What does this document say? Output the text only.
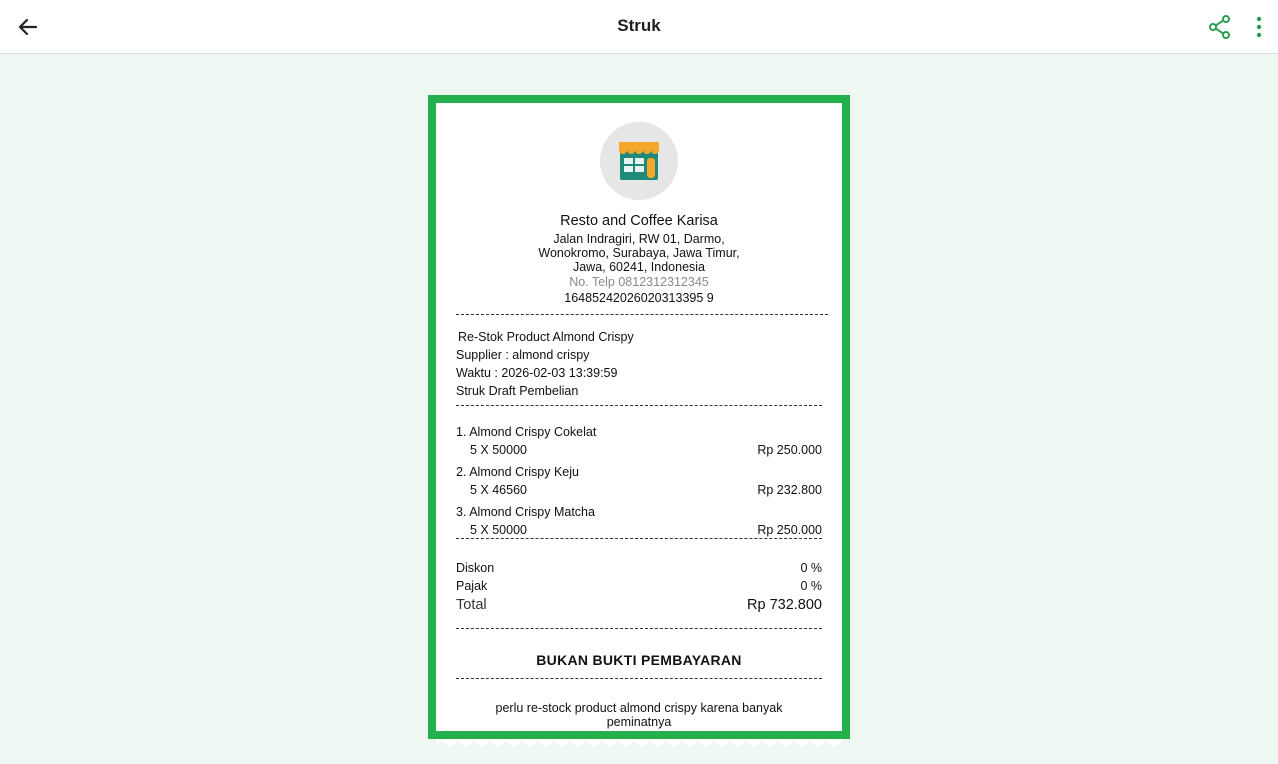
Struk
Resto and Coffee Karisa
Jalan Indragiri, RW 01, Darmo,
Wonokromo, Surabaya, Jawa Timur,
Jawa, 60241, Indonesia
No. Telp 0812312312345
16485242026020313395 9
Re-Stok Product Almond Crispy
Supplier : almond crispy
Waktu : 2026-02-03 13:39:59
Struk Draft Pembelian
1. Almond Crispy Cokelat
5 X 50000	Rp 250.000
2. Almond Crispy Keju
5 X 46560	Rp 232.800
3. Almond Crispy Matcha
5 X 50000	Rp 250.000
Diskon	0 %
Pajak	0 %
Total	Rp 732.800
BUKAN BUKTI PEMBAYARAN
perlu re-stock product almond crispy karena banyak
peminatnya
